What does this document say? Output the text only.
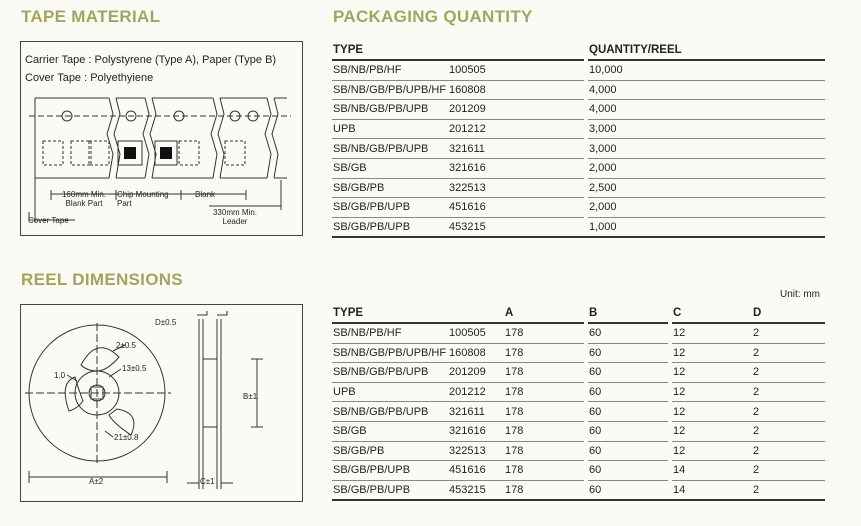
TAPE MATERIAL
Carrier Tape : Polystyrene (Type A), Paper (Type B)
Cover Tape : Polyethyiene
160mm Min.
Blank Part
Chip Mounting
Part
Blank
330mm Min.
Leader
Cover Tape
PACKAGING QUANTITY
TYPE			QUANTITY/REEL
SB/NB/PB/HF	100505		10,000
SB/NB/GB/PB/UPB/HF	160808		4,000
SB/NB/GB/PB/UPB	201209		4,000
UPB	201212		3,000
SB/NB/GB/PB/UPB	321611		3,000
SB/GB	321616		2,000
SB/GB/PB	322513		2,500
SB/GB/PB/UPB	451616		2,000
SB/GB/PB/UPB	453215		1,000
REEL DIMENSIONS
D±0.5
2±0.5
13±0.5
1.0
B±1
21±0.8
A±2	C±1
Unit: mm
TYPE		A		B		C	D
SB/NB/PB/HF	100505	178		60		12	2
SB/NB/GB/PB/UPB/HF	160808	178		60		12	2
SB/NB/GB/PB/UPB	201209	178		60		12	2
UPB	201212	178		60		12	2
SB/NB/GB/PB/UPB	321611	178		60		12	2
SB/GB	321616	178		60		12	2
SB/GB/PB	322513	178		60		12	2
SB/GB/PB/UPB	451616	178		60		14	2
SB/GB/PB/UPB	453215	178		60		14	2
